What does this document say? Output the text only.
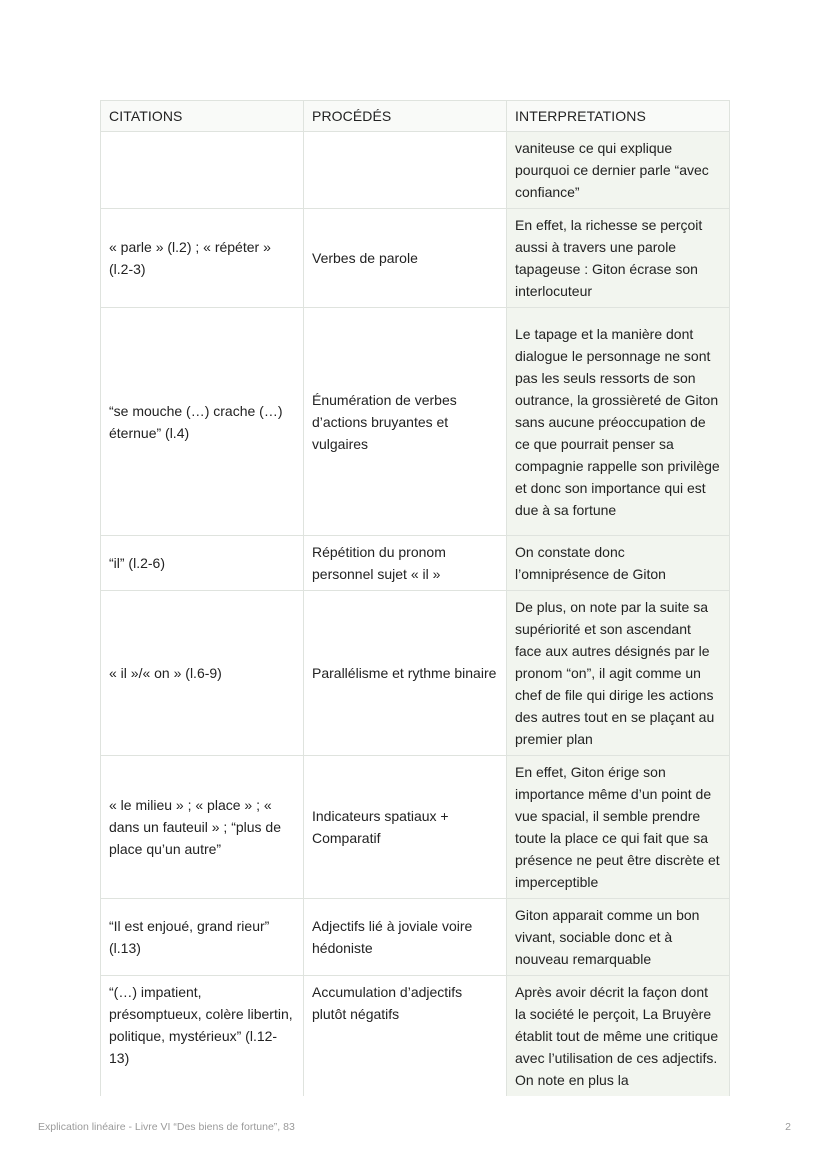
CITATIONS	PROCÉDÉS	INTERPRETATIONS
		vaniteuse ce qui explique pourquoi ce dernier parle “avec confiance”
« parle » (l.2) ; « répéter » (l.2-3)	Verbes de parole	En effet, la richesse se perçoit aussi à travers une parole tapageuse : Giton écrase son interlocuteur
“se mouche (…) crache (…) éternue” (l.4)	Énumération de verbes d’actions bruyantes et vulgaires	Le tapage et la manière dont dialogue le personnage ne sont pas les seuls ressorts de son outrance, la grossièreté de Giton sans aucune préoccupation de ce que pourrait penser sa compagnie rappelle son privilège et donc son importance qui est due à sa fortune
“il” (l.2-6)	Répétition du pronom personnel sujet « il »	On constate donc l’omniprésence de Giton
« il »/« on » (l.6-9)	Parallélisme et rythme binaire	De plus, on note par la suite sa supériorité et son ascendant face aux autres désignés par le pronom “on”, il agit comme un chef de file qui dirige les actions des autres tout en se plaçant au premier plan
« le milieu » ; « place » ; « dans un fauteuil » ; “plus de place qu’un autre”	Indicateurs spatiaux + Comparatif	En effet, Giton érige son importance même d’un point de vue spacial, il semble prendre toute la place ce qui fait que sa présence ne peut être discrète et imperceptible
“Il est enjoué, grand rieur” (l.13)	Adjectifs lié à joviale voire hédoniste	Giton apparait comme un bon vivant, sociable donc et à nouveau remarquable
“(…) impatient, présomptueux, colère libertin, politique, mystérieux” (l.12-13)	Accumulation d’adjectifs plutôt négatifs	Après avoir décrit la façon dont la société le perçoit, La Bruyère établit tout de même une critique avec l’utilisation de ces adjectifs. On note en plus la
Explication linéaire - Livre VI “Des biens de fortune”, 83	2
